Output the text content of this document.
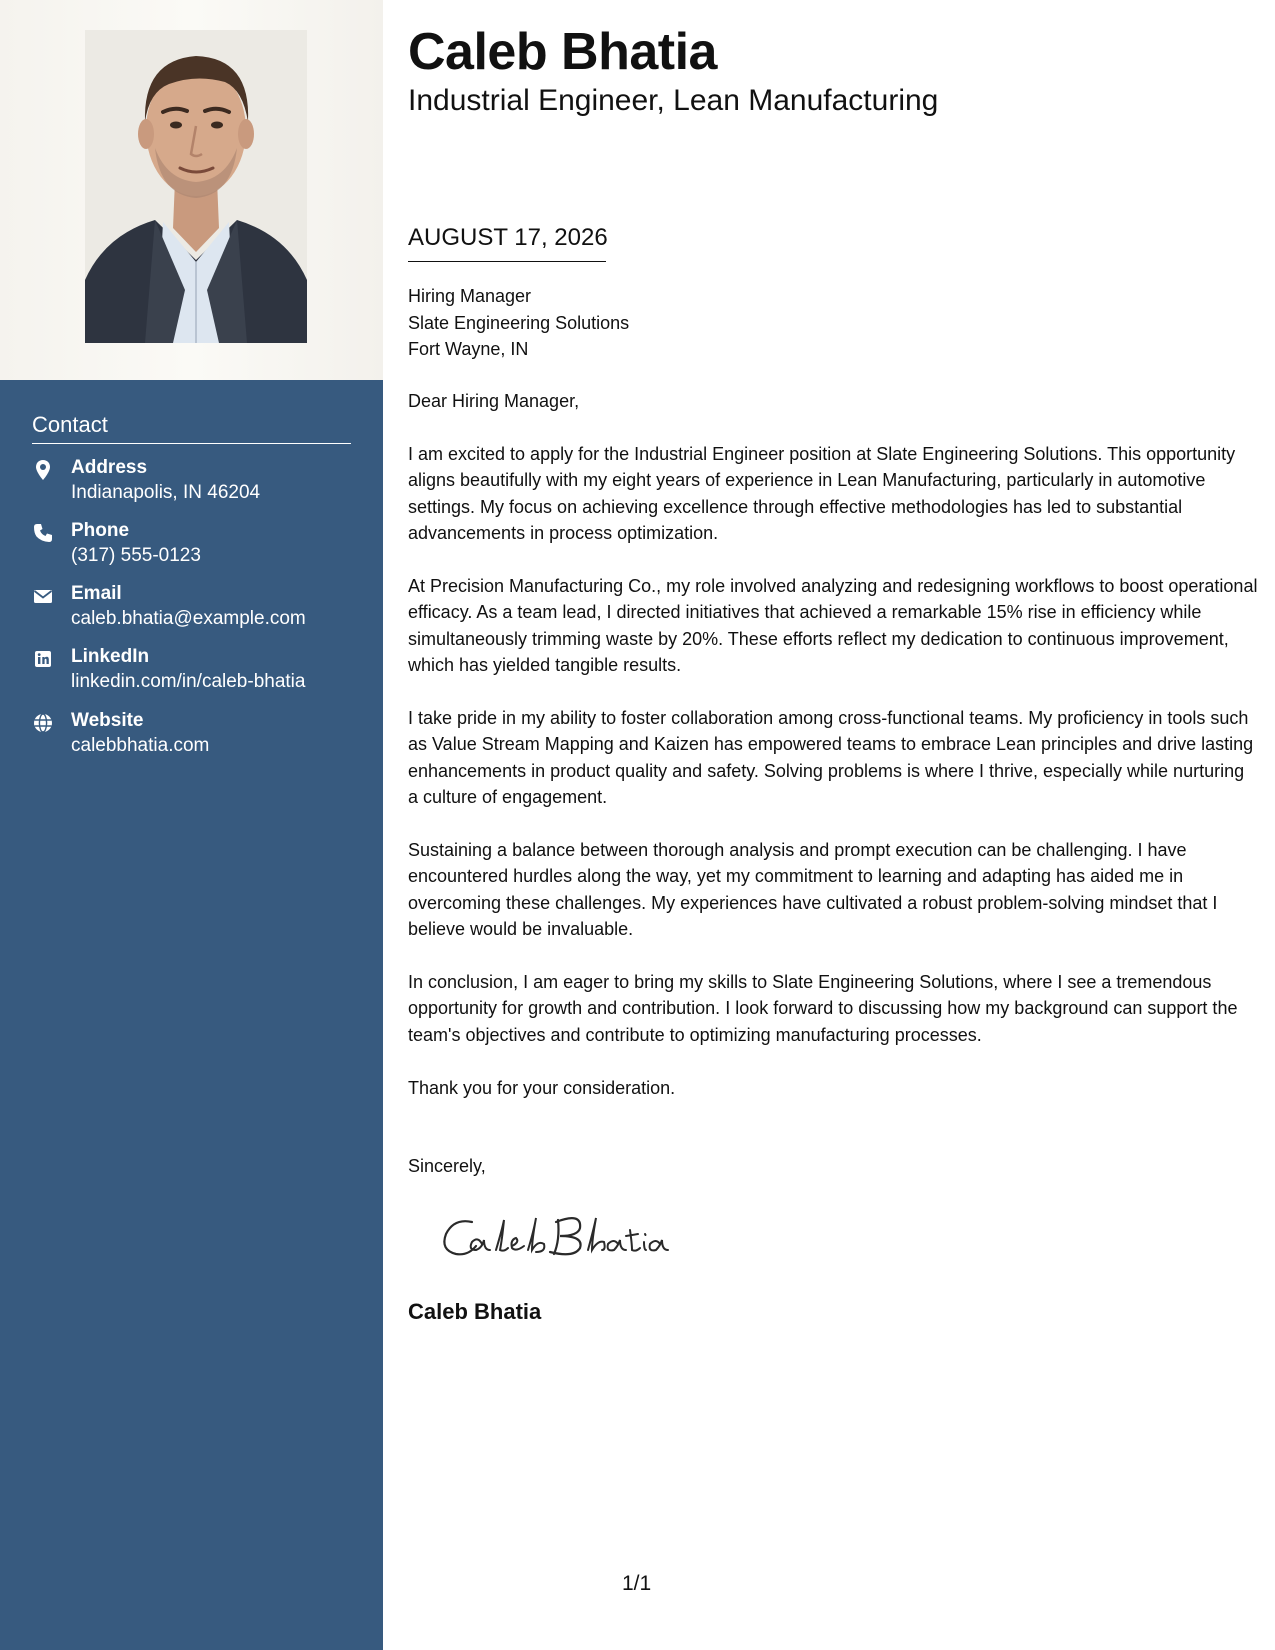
Contact
Address
Indianapolis, IN 46204
Phone
(317) 555-0123
Email
caleb.bhatia@example.com
LinkedIn
linkedin.com/in/caleb-bhatia
Website
calebbhatia.com
Caleb Bhatia
Industrial Engineer, Lean Manufacturing
AUGUST 17, 2026
Hiring Manager
Slate Engineering Solutions
Fort Wayne, IN
Dear Hiring Manager,
I am excited to apply for the Industrial Engineer position at Slate Engineering Solutions. This opportunity aligns beautifully with my eight years of experience in Lean Manufacturing, particularly in automotive settings. My focus on achieving excellence through effective methodologies has led to substantial advancements in process optimization.
At Precision Manufacturing Co., my role involved analyzing and redesigning workflows to boost operational efficacy. As a team lead, I directed initiatives that achieved a remarkable 15% rise in efficiency while simultaneously trimming waste by 20%. These efforts reflect my dedication to continuous improvement, which has yielded tangible results.
I take pride in my ability to foster collaboration among cross-functional teams. My proficiency in tools such as Value Stream Mapping and Kaizen has empowered teams to embrace Lean principles and drive lasting enhancements in product quality and safety. Solving problems is where I thrive, especially while nurturing a culture of engagement.
Sustaining a balance between thorough analysis and prompt execution can be challenging. I have encountered hurdles along the way, yet my commitment to learning and adapting has aided me in overcoming these challenges. My experiences have cultivated a robust problem-solving mindset that I believe would be invaluable.
In conclusion, I am eager to bring my skills to Slate Engineering Solutions, where I see a tremendous opportunity for growth and contribution. I look forward to discussing how my background can support the team's objectives and contribute to optimizing manufacturing processes.
Thank you for your consideration.
Sincerely,
Caleb Bhatia
1/1
